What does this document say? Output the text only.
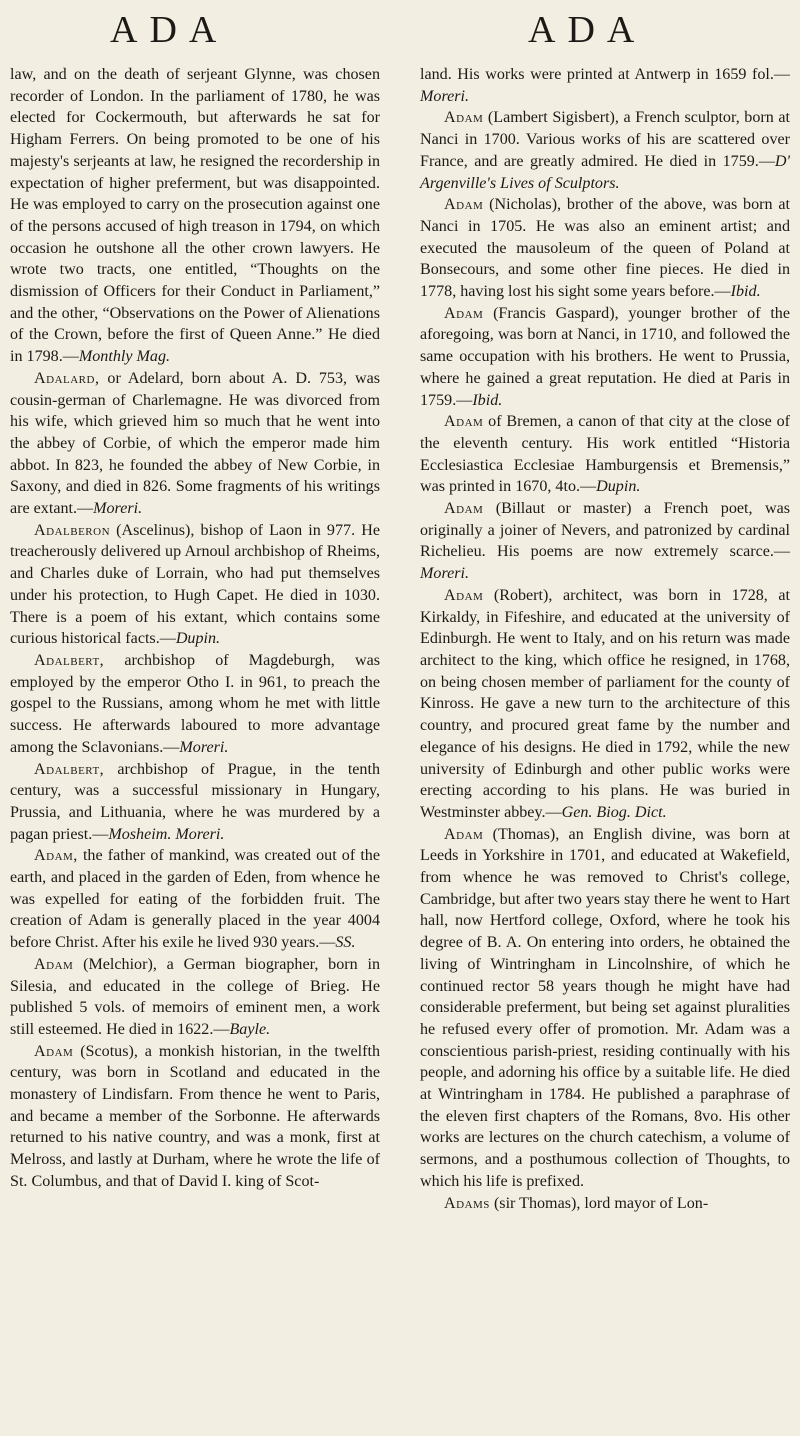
ADA	ADA

law, and on the death of serjeant Glynne, was chosen recorder of London. In the parliament of 1780, he was elected for Cockermouth, but afterwards he sat for Higham Ferrers. On being promoted to be one of his majesty's serjeants at law, he resigned the recordership in expectation of higher preferment, but was disappointed. He was employed to carry on the prosecution against one of the persons accused of high treason in 1794, on which occasion he outshone all the other crown lawyers. He wrote two tracts, one entitled, “Thoughts on the dismission of Officers for their Conduct in Parliament,” and the other, “Observations on the Power of Alienations of the Crown, before the first of Queen Anne.” He died in 1798.—Monthly Mag.

Adalard, or Adelard, born about A. D. 753, was cousin-german of Charlemagne. He was divorced from his wife, which grieved him so much that he went into the abbey of Corbie, of which the emperor made him abbot. In 823, he founded the abbey of New Corbie, in Saxony, and died in 826. Some fragments of his writings are extant.—Moreri.

Adalberon (Ascelinus), bishop of Laon in 977. He treacherously delivered up Arnoul archbishop of Rheims, and Charles duke of Lorrain, who had put themselves under his protection, to Hugh Capet. He died in 1030. There is a poem of his extant, which contains some curious historical facts.—Dupin.

Adalbert, archbishop of Magdeburgh, was employed by the emperor Otho I. in 961, to preach the gospel to the Russians, among whom he met with little success. He afterwards laboured to more advantage among the Sclavonians.—Moreri.

Adalbert, archbishop of Prague, in the tenth century, was a successful missionary in Hungary, Prussia, and Lithuania, where he was murdered by a pagan priest.—Mosheim. Moreri.

Adam, the father of mankind, was created out of the earth, and placed in the garden of Eden, from whence he was expelled for eating of the forbidden fruit. The creation of Adam is generally placed in the year 4004 before Christ. After his exile he lived 930 years.—SS.

Adam (Melchior), a German biographer, born in Silesia, and educated in the college of Brieg. He published 5 vols. of memoirs of eminent men, a work still esteemed. He died in 1622.—Bayle.

Adam (Scotus), a monkish historian, in the twelfth century, was born in Scotland and educated in the monastery of Lindisfarn. From thence he went to Paris, and became a member of the Sorbonne. He afterwards returned to his native country, and was a monk, first at Melross, and lastly at Durham, where he wrote the life of St. Columbus, and that of David I. king of Scot-

land. His works were printed at Antwerp in 1659 fol.—Moreri.

Adam (Lambert Sigisbert), a French sculptor, born at Nanci in 1700. Various works of his are scattered over France, and are greatly admired. He died in 1759.—D' Argenville's Lives of Sculptors.

Adam (Nicholas), brother of the above, was born at Nanci in 1705. He was also an eminent artist; and executed the mausoleum of the queen of Poland at Bonsecours, and some other fine pieces. He died in 1778, having lost his sight some years before.—Ibid.

Adam (Francis Gaspard), younger brother of the aforegoing, was born at Nanci, in 1710, and followed the same occupation with his brothers. He went to Prussia, where he gained a great reputation. He died at Paris in 1759.—Ibid.

Adam of Bremen, a canon of that city at the close of the eleventh century. His work entitled “Historia Ecclesiastica Ecclesiae Hamburgensis et Bremensis,” was printed in 1670, 4to.—Dupin.

Adam (Billaut or master) a French poet, was originally a joiner of Nevers, and patronized by cardinal Richelieu. His poems are now extremely scarce.—Moreri.

Adam (Robert), architect, was born in 1728, at Kirkaldy, in Fifeshire, and educated at the university of Edinburgh. He went to Italy, and on his return was made architect to the king, which office he resigned, in 1768, on being chosen member of parliament for the county of Kinross. He gave a new turn to the architecture of this country, and procured great fame by the number and elegance of his designs. He died in 1792, while the new university of Edinburgh and other public works were erecting according to his plans. He was buried in Westminster abbey.—Gen. Biog. Dict.

Adam (Thomas), an English divine, was born at Leeds in Yorkshire in 1701, and educated at Wakefield, from whence he was removed to Christ's college, Cambridge, but after two years stay there he went to Hart hall, now Hertford college, Oxford, where he took his degree of B. A. On entering into orders, he obtained the living of Wintringham in Lincolnshire, of which he continued rector 58 years though he might have had considerable preferment, but being set against pluralities he refused every offer of promotion. Mr. Adam was a conscientious parish-priest, residing continually with his people, and adorning his office by a suitable life. He died at Wintringham in 1784. He published a paraphrase of the eleven first chapters of the Romans, 8vo. His other works are lectures on the church catechism, a volume of sermons, and a posthumous collection of Thoughts, to which his life is prefixed.

Adams (sir Thomas), lord mayor of Lon-
